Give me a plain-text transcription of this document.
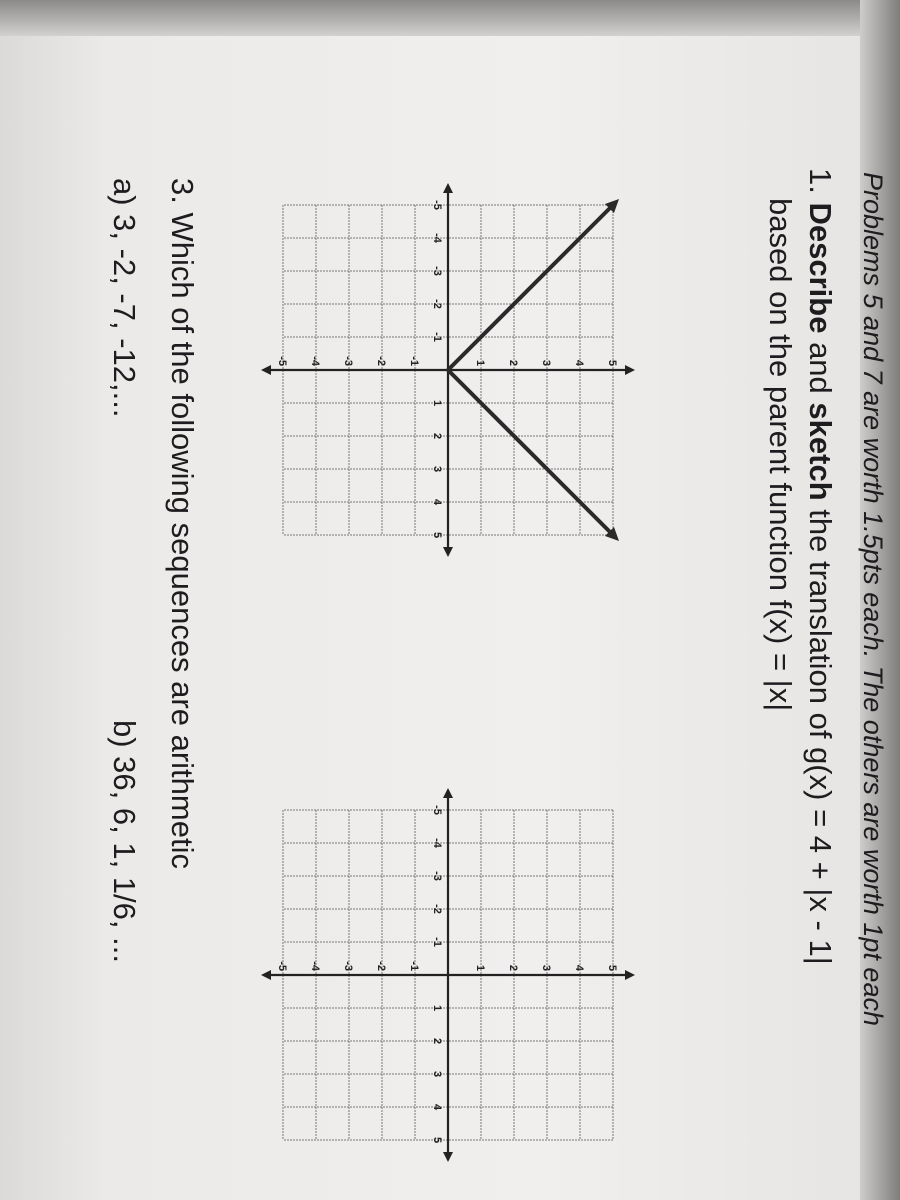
Problems 5 and 7 are worth 1.5pts each. The others are worth 1pt each
1. Describe and sketch the translation of g(x) = 4 + |x - 1|
based on the parent function f(x) = |x|
-5
-4
-3
-2
-1
1
2
3
4
5
5
4
3
2
1
-1
-2
-3
-4
-5
-5
-4
-3
-2
-1
1
2
3
4
5
5
4
3
2
1
-1
-2
-3
-4
-5
3. Which of the following sequences are arithmetic
a) 3, -2, -7, -12,...
b) 36, 6, 1, 1/6, ...
